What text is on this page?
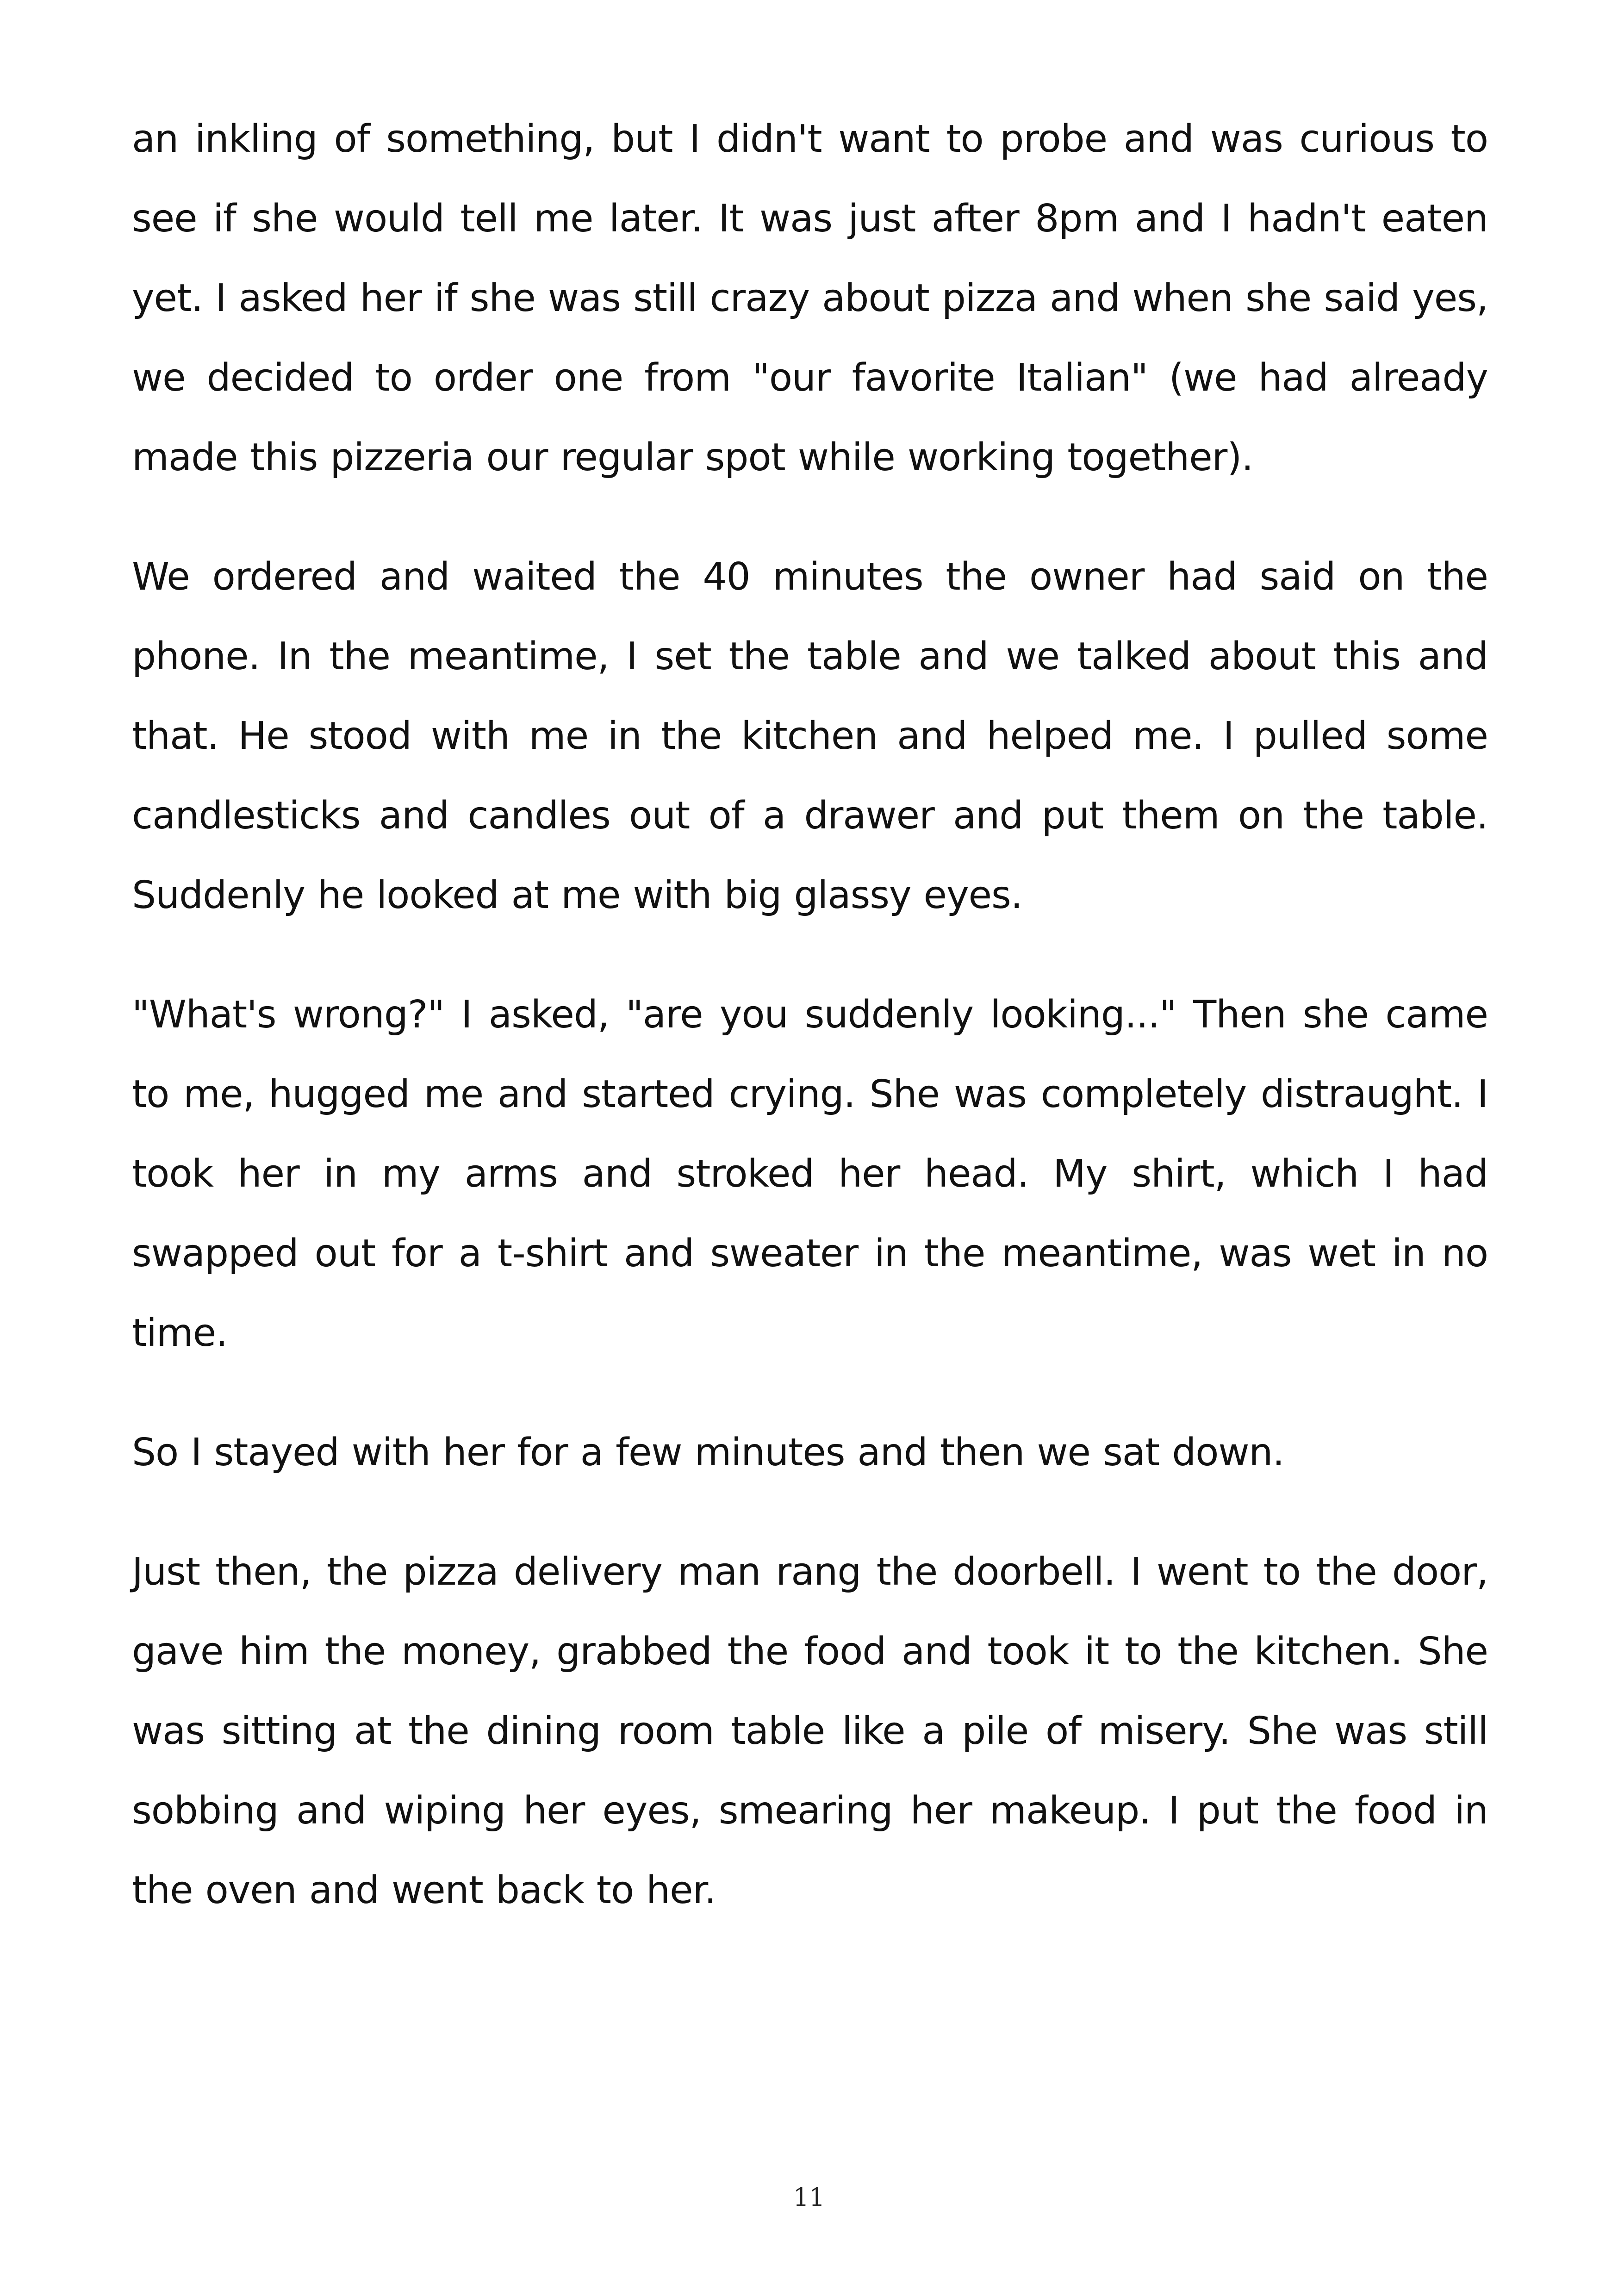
an inkling of something, but I didn't want to probe and was curious to see if she would tell me later. It was just after 8pm and I hadn't eaten yet. I asked her if she was still crazy about pizza and when she said yes, we decided to order one from "our favorite Italian" (we had already made this pizzeria our regular spot while working together).

We ordered and waited the 40 minutes the owner had said on the phone. In the meantime, I set the table and we talked about this and that. He stood with me in the kitchen and helped me. I pulled some candlesticks and candles out of a drawer and put them on the table. Suddenly he looked at me with big glassy eyes.

"What's wrong?" I asked, "are you suddenly looking..." Then she came to me, hugged me and started crying. She was completely distraught. I took her in my arms and stroked her head. My shirt, which I had swapped out for a t-shirt and sweater in the meantime, was wet in no time.

So I stayed with her for a few minutes and then we sat down.

Just then, the pizza delivery man rang the doorbell. I went to the door, gave him the money, grabbed the food and took it to the kitchen. She was sitting at the dining room table like a pile of misery. She was still sobbing and wiping her eyes, smearing her makeup. I put the food in the oven and went back to her.

11
